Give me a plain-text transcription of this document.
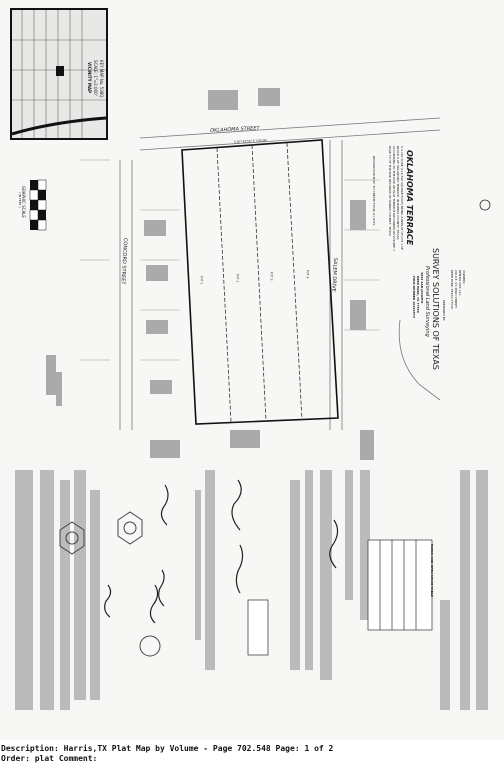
VICINITY MAP SCALE: 1"=2,000' KEY MAP No. 538Q
OKLAHOMA TERRACE
A 2.727 ACRE (118,790 SQUARE FOOT) BEING A REPLAT OF LOT 1 OF BLOCK 9 OF OKLAHOMA TERRACE, IN HARRIS COUNTY, TEXAS, ACCORDING TO THE MAP OR PLAT THEREOF RECORDED IN VOLUME 7, PAGE 53 OF THE MAP RECORDS OF HARRIS COUNTY, TEXAS
REASON FOR PLAT: TO CREATE FOUR (4) LOTS
OWNERS:
RENTAL DAY, LLC
2910 E. ST. MIRO STREET
DEER PARK, TEXAS 77536
PREPARED BY:
SURVEY SOLUTIONS OF TEXAS
Professional Land Surveying
3644 SAN JACINTO
DEER PARK, TX 77536
FIRM NUMBER 10194573
GRAPHIC SCALE
( IN FEET )
OKLAHOMA STREET
CONCORD STREET	SALEM DRIVE
S 87°43'55" E 150.00'
LOT 1	LOT 2	LOT 3	LOT 4
PARKS AND OPEN SPACE TABLE
Description: Harris,TX Plat Map by Volume - Page 702.548 Page: 1 of 2
Order: plat Comment:
